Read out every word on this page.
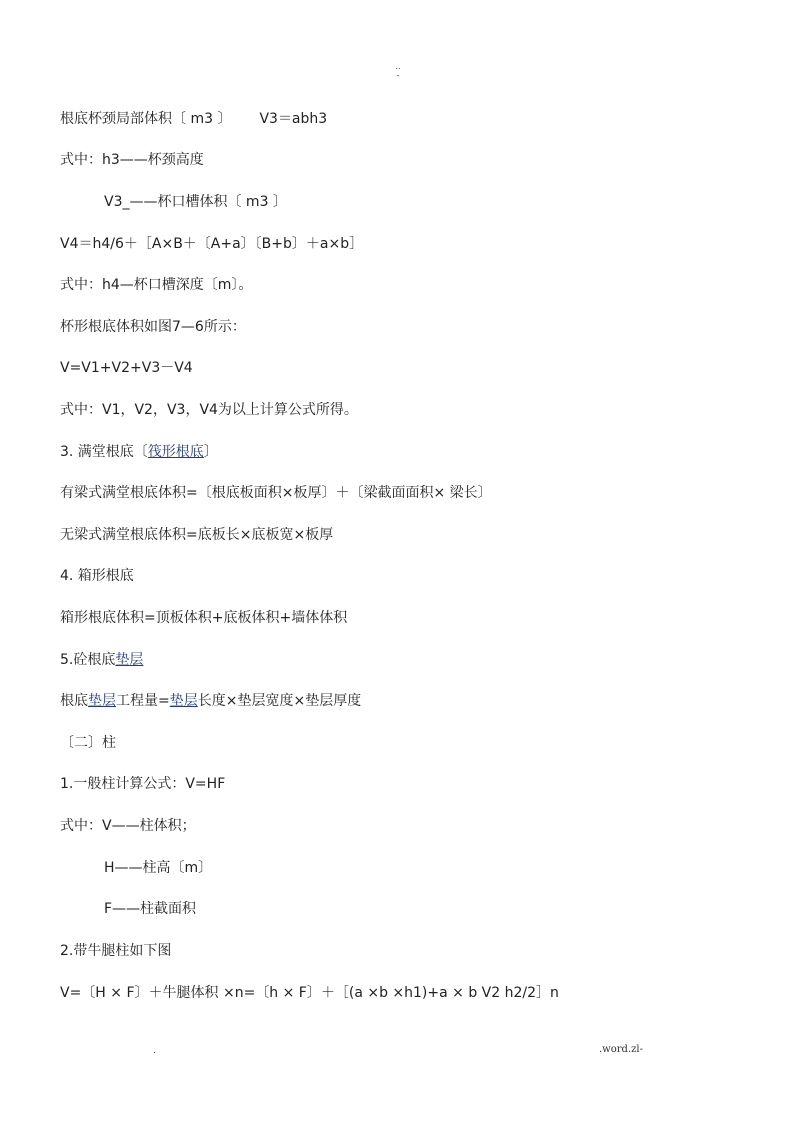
..
-
根底杯颈局部体积〔 m3 〕 V3＝abh3
式中：h3——杯颈高度
V3_——杯口槽体积〔 m3 〕
V4＝h4/6＋［A×B＋〔A+a〕〔B+b〕＋a×b］
式中：h4—杯口槽深度〔m〕。
杯形根底体积如图7—6所示：
V=V1+V2+V3－V4
式中：V1，V2，V3，V4为以上计算公式所得。
3. 满堂根底〔筏形根底〕
有梁式满堂根底体积=〔根底板面积×板厚〕＋〔梁截面面积× 梁长〕
无梁式满堂根底体积=底板长×底板宽×板厚
4. 箱形根底
箱形根底体积=顶板体积+底板体积+墙体体积
5.砼根底垫层
根底垫层工程量=垫层长度×垫层宽度×垫层厚度
〔二〕柱
1.一般柱计算公式：V=HF
式中：V——柱体积；
H——柱高〔m〕
F——柱截面积
2.带牛腿柱如下图
V=〔H × F〕＋牛腿体积 ×n=〔h × F〕＋［(a ×b ×h1)+a × b V2 h2/2］n
.	.word.zl-
